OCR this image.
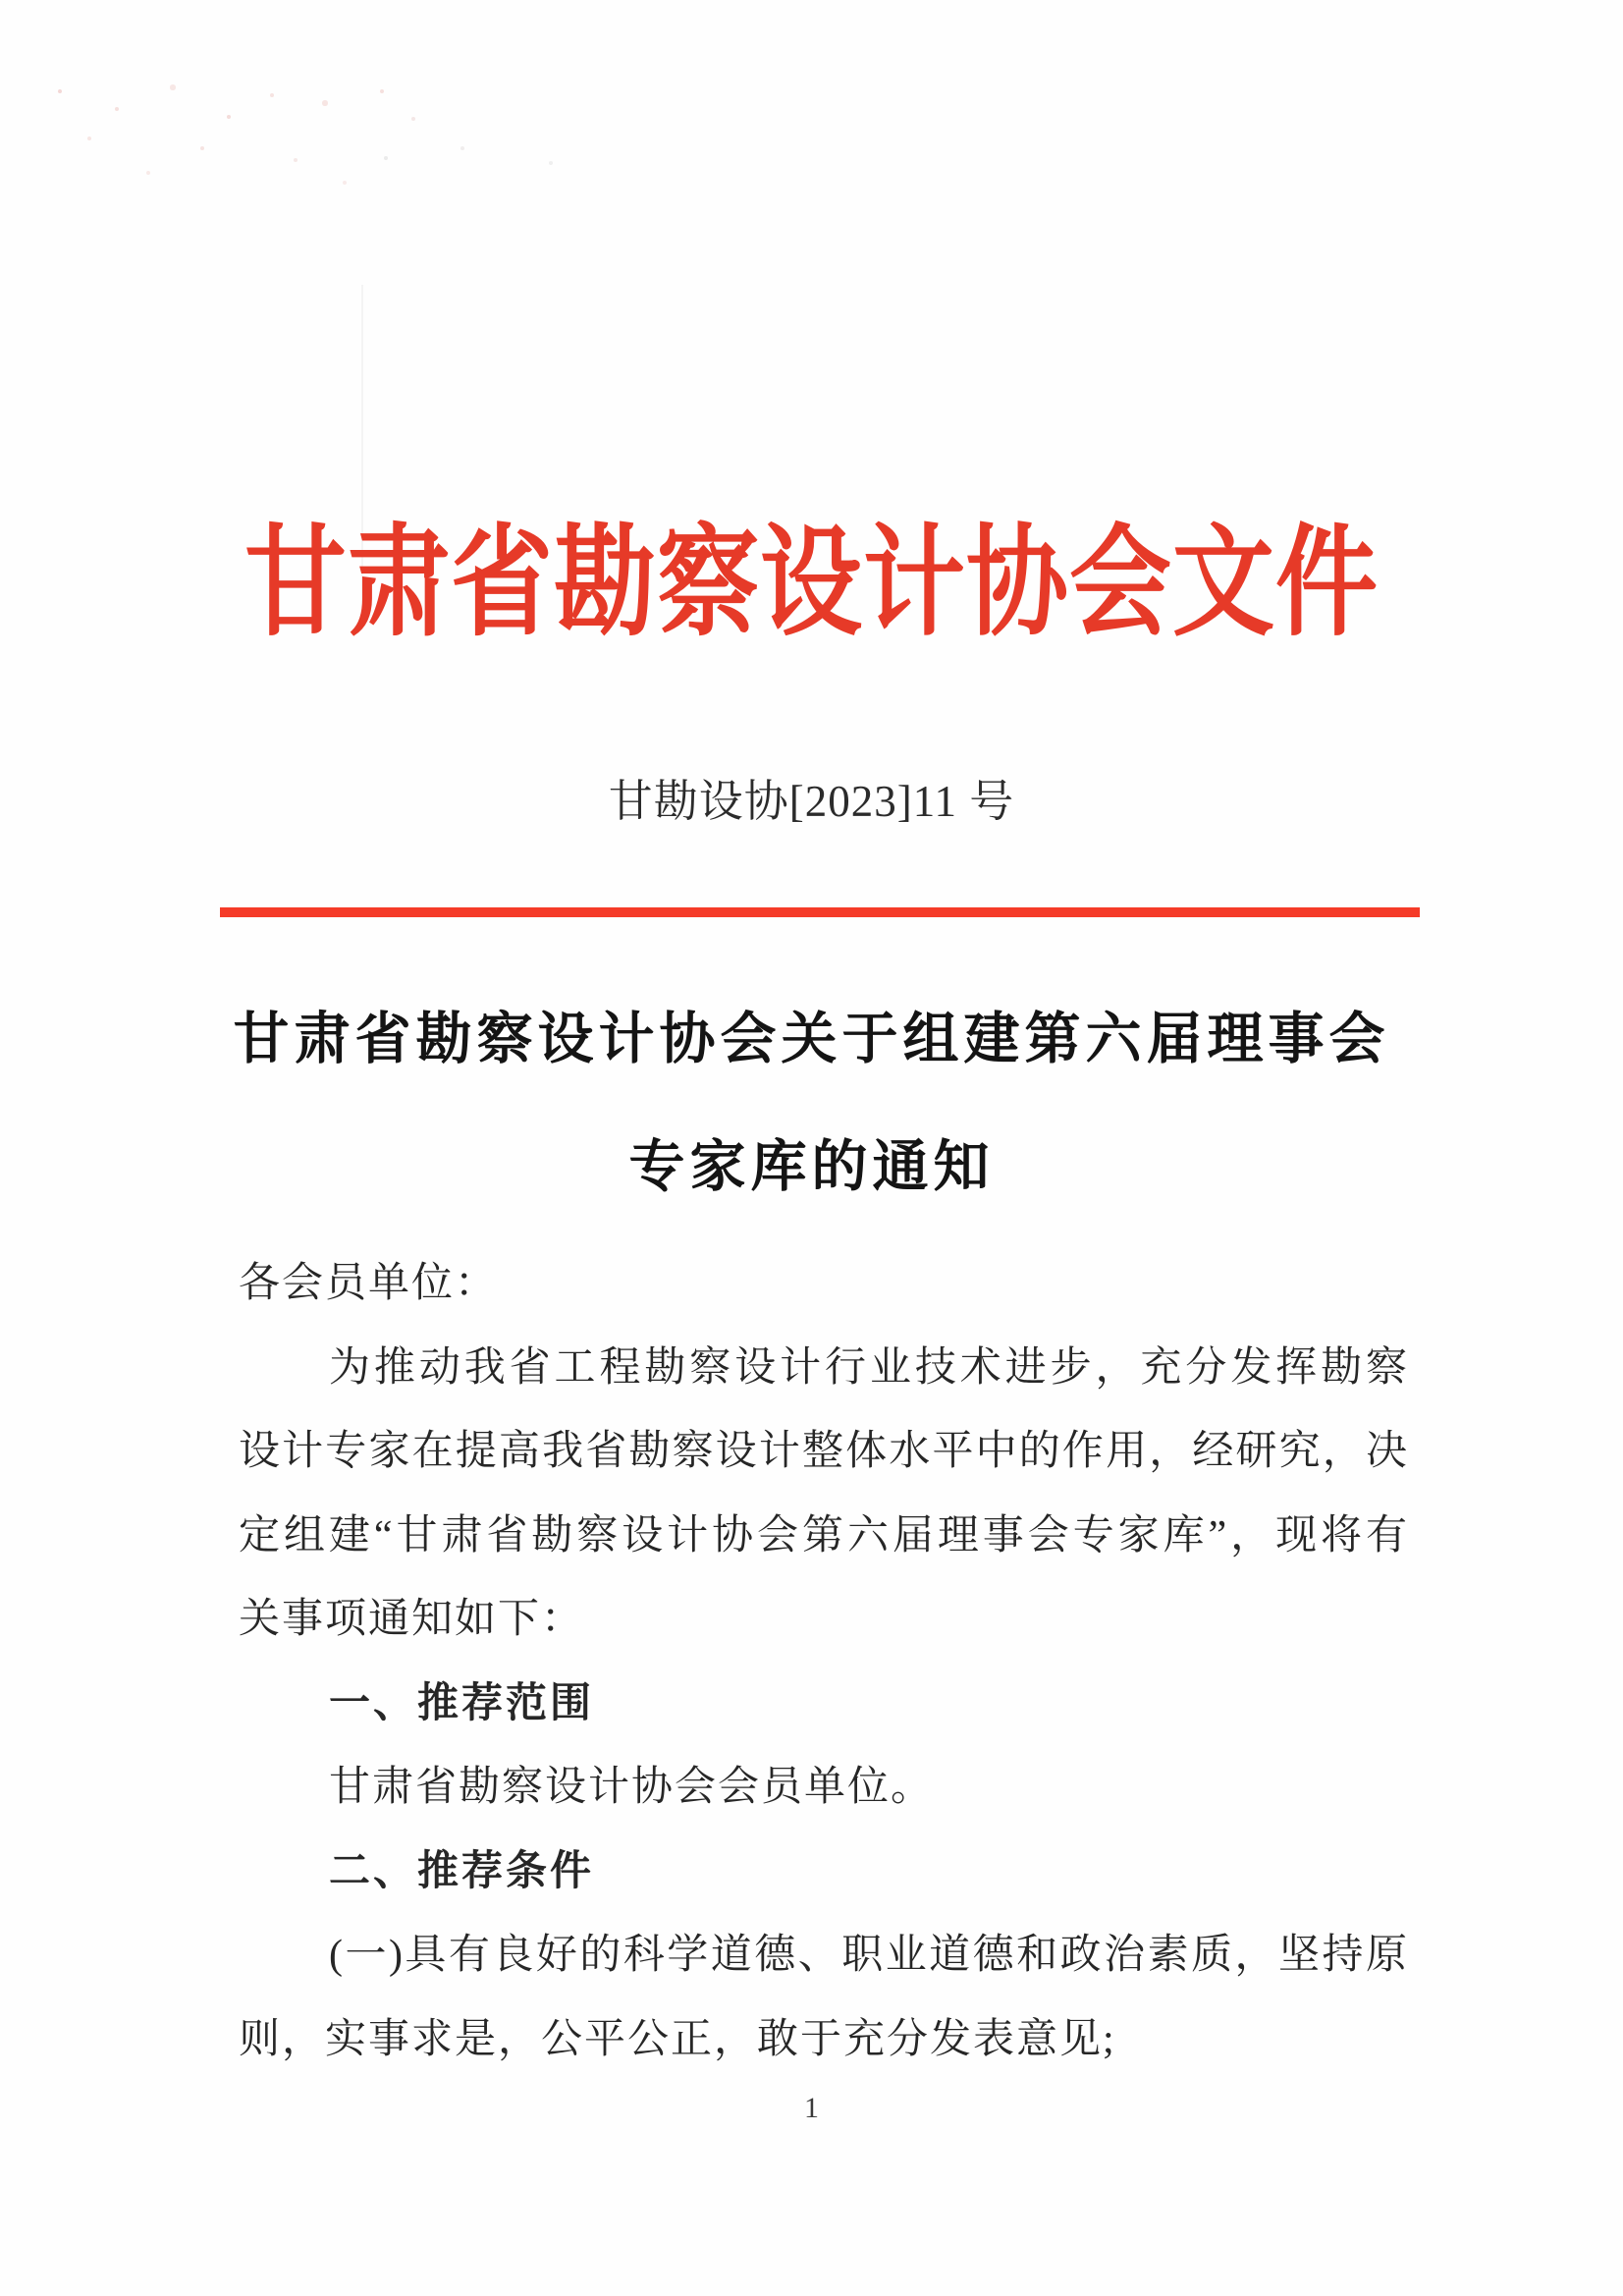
甘肃省勘察设计协会文件
甘勘设协[2023]11 号
甘肃省勘察设计协会关于组建第六届理事会
专家库的通知
各会员单位：
为推动我省工程勘察设计行业技术进步，充分发挥勘察
设计专家在提高我省勘察设计整体水平中的作用，经研究，决
定组建“甘肃省勘察设计协会第六届理事会专家库”，现将有
关事项通知如下：
一、推荐范围
甘肃省勘察设计协会会员单位。
二、推荐条件
(一)具有良好的科学道德、职业道德和政治素质，坚持原
则，实事求是，公平公正，敢于充分发表意见;
1
